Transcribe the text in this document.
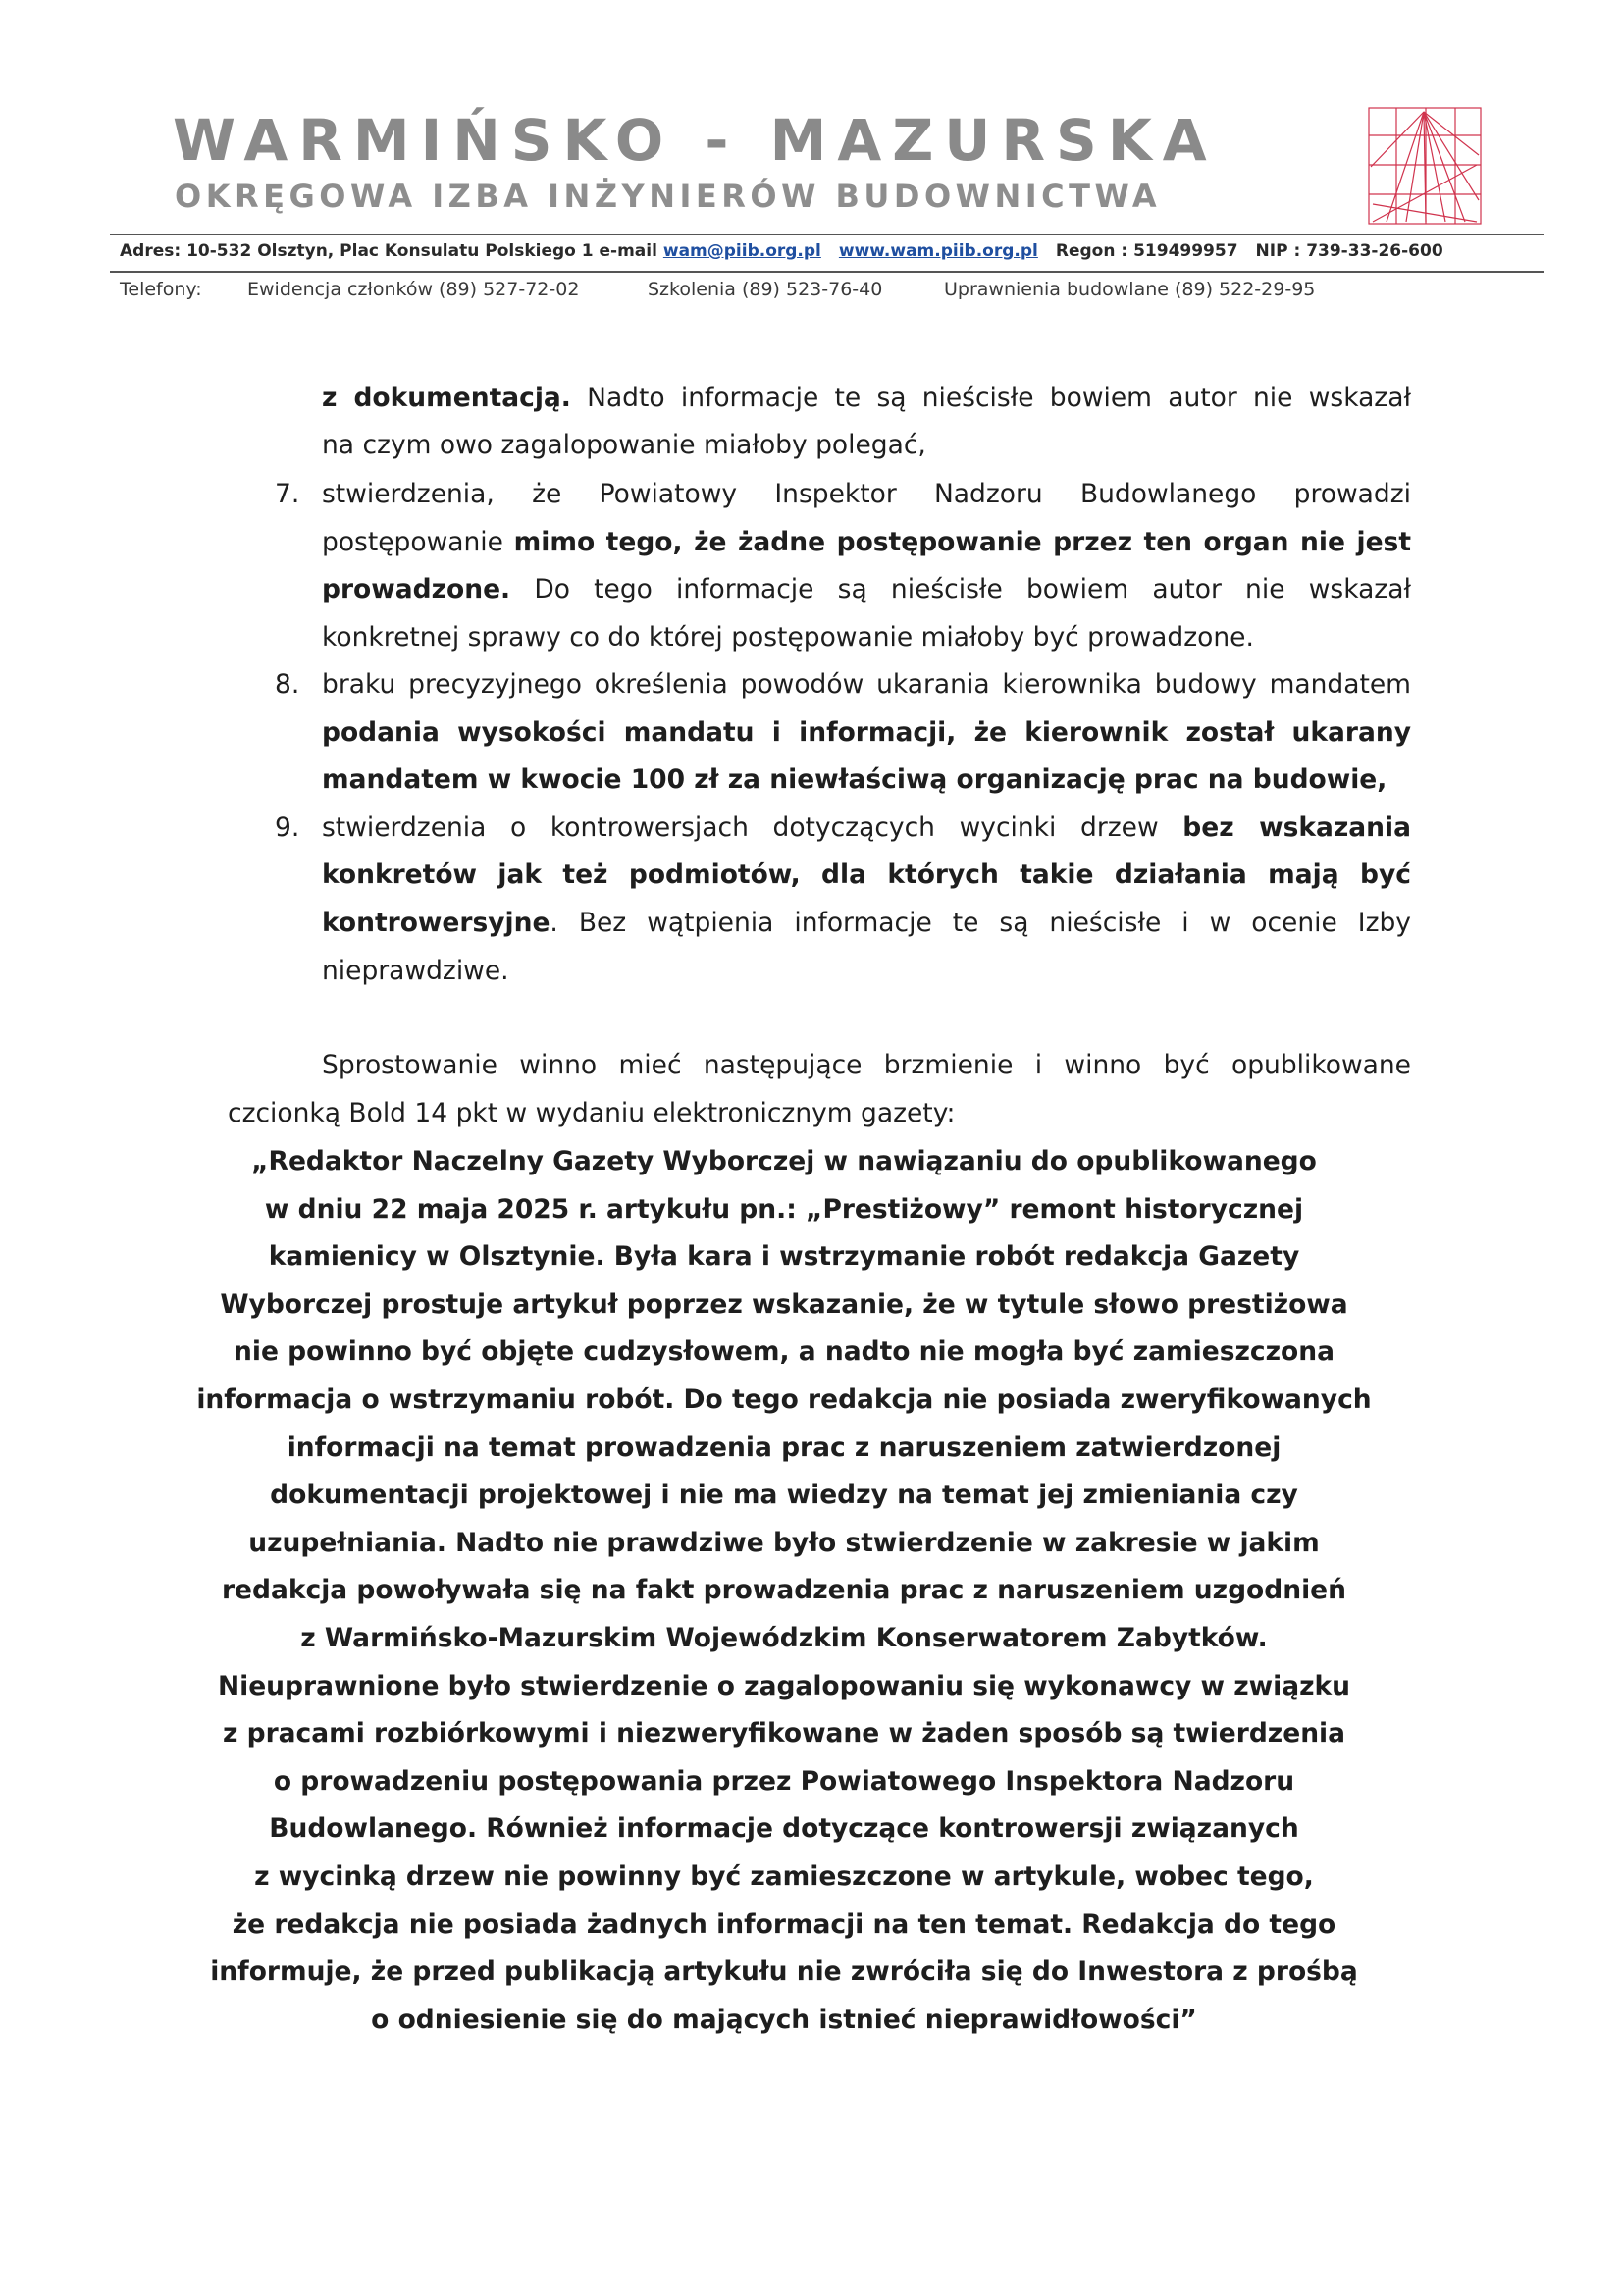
WARMIŃSKO - MAZURSKA
OKRĘGOWA IZBA INŻYNIERÓW BUDOWNICTWA

Adres: 10-532 Olsztyn, Plac Konsulatu Polskiego 1 e-mail wam@piib.org.pl www.wam.piib.org.pl Regon : 519499957 NIP : 739-33-26-600

Telefony: Ewidencja członków (89) 527-72-02	Szkolenia (89) 523-76-40	Uprawnienia budowlane (89) 522-29-95

z dokumentacją. Nadto informacje te są nieścisłe bowiem autor nie wskazał

na czym owo zagalopowanie miałoby polegać,

7. stwierdzenia, że Powiatowy Inspektor Nadzoru Budowlanego prowadzi

postępowanie mimo tego, że żadne postępowanie przez ten organ nie jest

prowadzone. Do tego informacje są nieścisłe bowiem autor nie wskazał

konkretnej sprawy co do której postępowanie miałoby być prowadzone.

8. braku precyzyjnego określenia powodów ukarania kierownika budowy mandatem

podania wysokości mandatu i informacji, że kierownik został ukarany

mandatem w kwocie 100 zł za niewłaściwą organizację prac na budowie,

9. stwierdzenia o kontrowersjach dotyczących wycinki drzew bez wskazania

konkretów jak też podmiotów, dla których takie działania mają być

kontrowersyjne. Bez wątpienia informacje te są nieścisłe i w ocenie Izby

nieprawdziwe.

Sprostowanie winno mieć następujące brzmienie i winno być opublikowane

czcionką Bold 14 pkt w wydaniu elektronicznym gazety:

„Redaktor Naczelny Gazety Wyborczej w nawiązaniu do opublikowanego

w dniu 22 maja 2025 r. artykułu pn.: „Prestiżowy” remont historycznej

kamienicy w Olsztynie. Była kara i wstrzymanie robót redakcja Gazety

Wyborczej prostuje artykuł poprzez wskazanie, że w tytule słowo prestiżowa

nie powinno być objęte cudzysłowem, a nadto nie mogła być zamieszczona

informacja o wstrzymaniu robót. Do tego redakcja nie posiada zweryfikowanych

informacji na temat prowadzenia prac z naruszeniem zatwierdzonej

dokumentacji projektowej i nie ma wiedzy na temat jej zmieniania czy

uzupełniania. Nadto nie prawdziwe było stwierdzenie w zakresie w jakim

redakcja powoływała się na fakt prowadzenia prac z naruszeniem uzgodnień

z Warmińsko-Mazurskim Wojewódzkim Konserwatorem Zabytków.

Nieuprawnione było stwierdzenie o zagalopowaniu się wykonawcy w związku

z pracami rozbiórkowymi i niezweryfikowane w żaden sposób są twierdzenia

o prowadzeniu postępowania przez Powiatowego Inspektora Nadzoru

Budowlanego. Również informacje dotyczące kontrowersji związanych

z wycinką drzew nie powinny być zamieszczone w artykule, wobec tego,

że redakcja nie posiada żadnych informacji na ten temat. Redakcja do tego

informuje, że przed publikacją artykułu nie zwróciła się do Inwestora z prośbą

o odniesienie się do mających istnieć nieprawidłowości”
